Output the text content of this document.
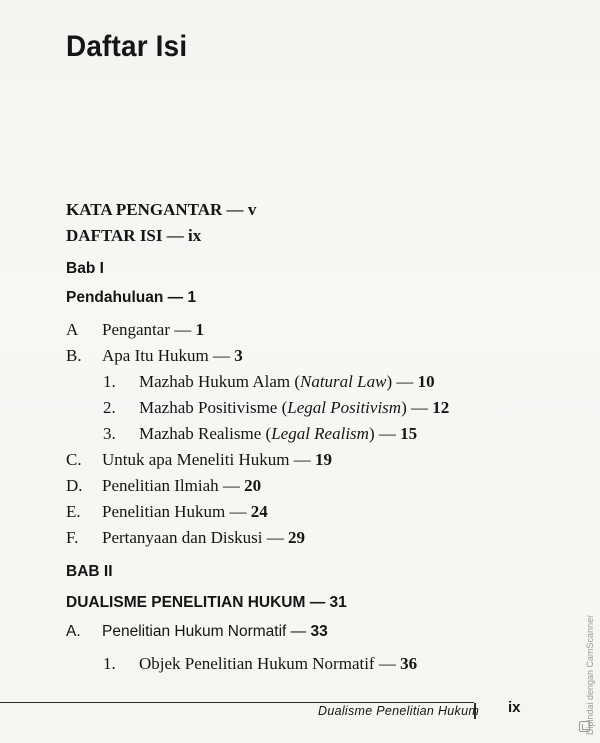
Daftar Isi
KATA PENGANTAR — v
DAFTAR ISI — ix
Bab I
Pendahuluan — 1
A Pengantar — 1
B. Apa Itu Hukum — 3
1. Mazhab Hukum Alam (Natural Law) — 10
2. Mazhab Positivisme (Legal Positivism) — 12
3. Mazhab Realisme (Legal Realism) — 15
C. Untuk apa Meneliti Hukum — 19
D. Penelitian Ilmiah — 20
E. Penelitian Hukum — 24
F. Pertanyaan dan Diskusi — 29
BAB II
DUALISME PENELITIAN HUKUM — 31
A. Penelitian Hukum Normatif — 33
1. Objek Penelitian Hukum Normatif — 36
Dualisme Penelitian Hukum ix	Dipindai dengan CamScanner
